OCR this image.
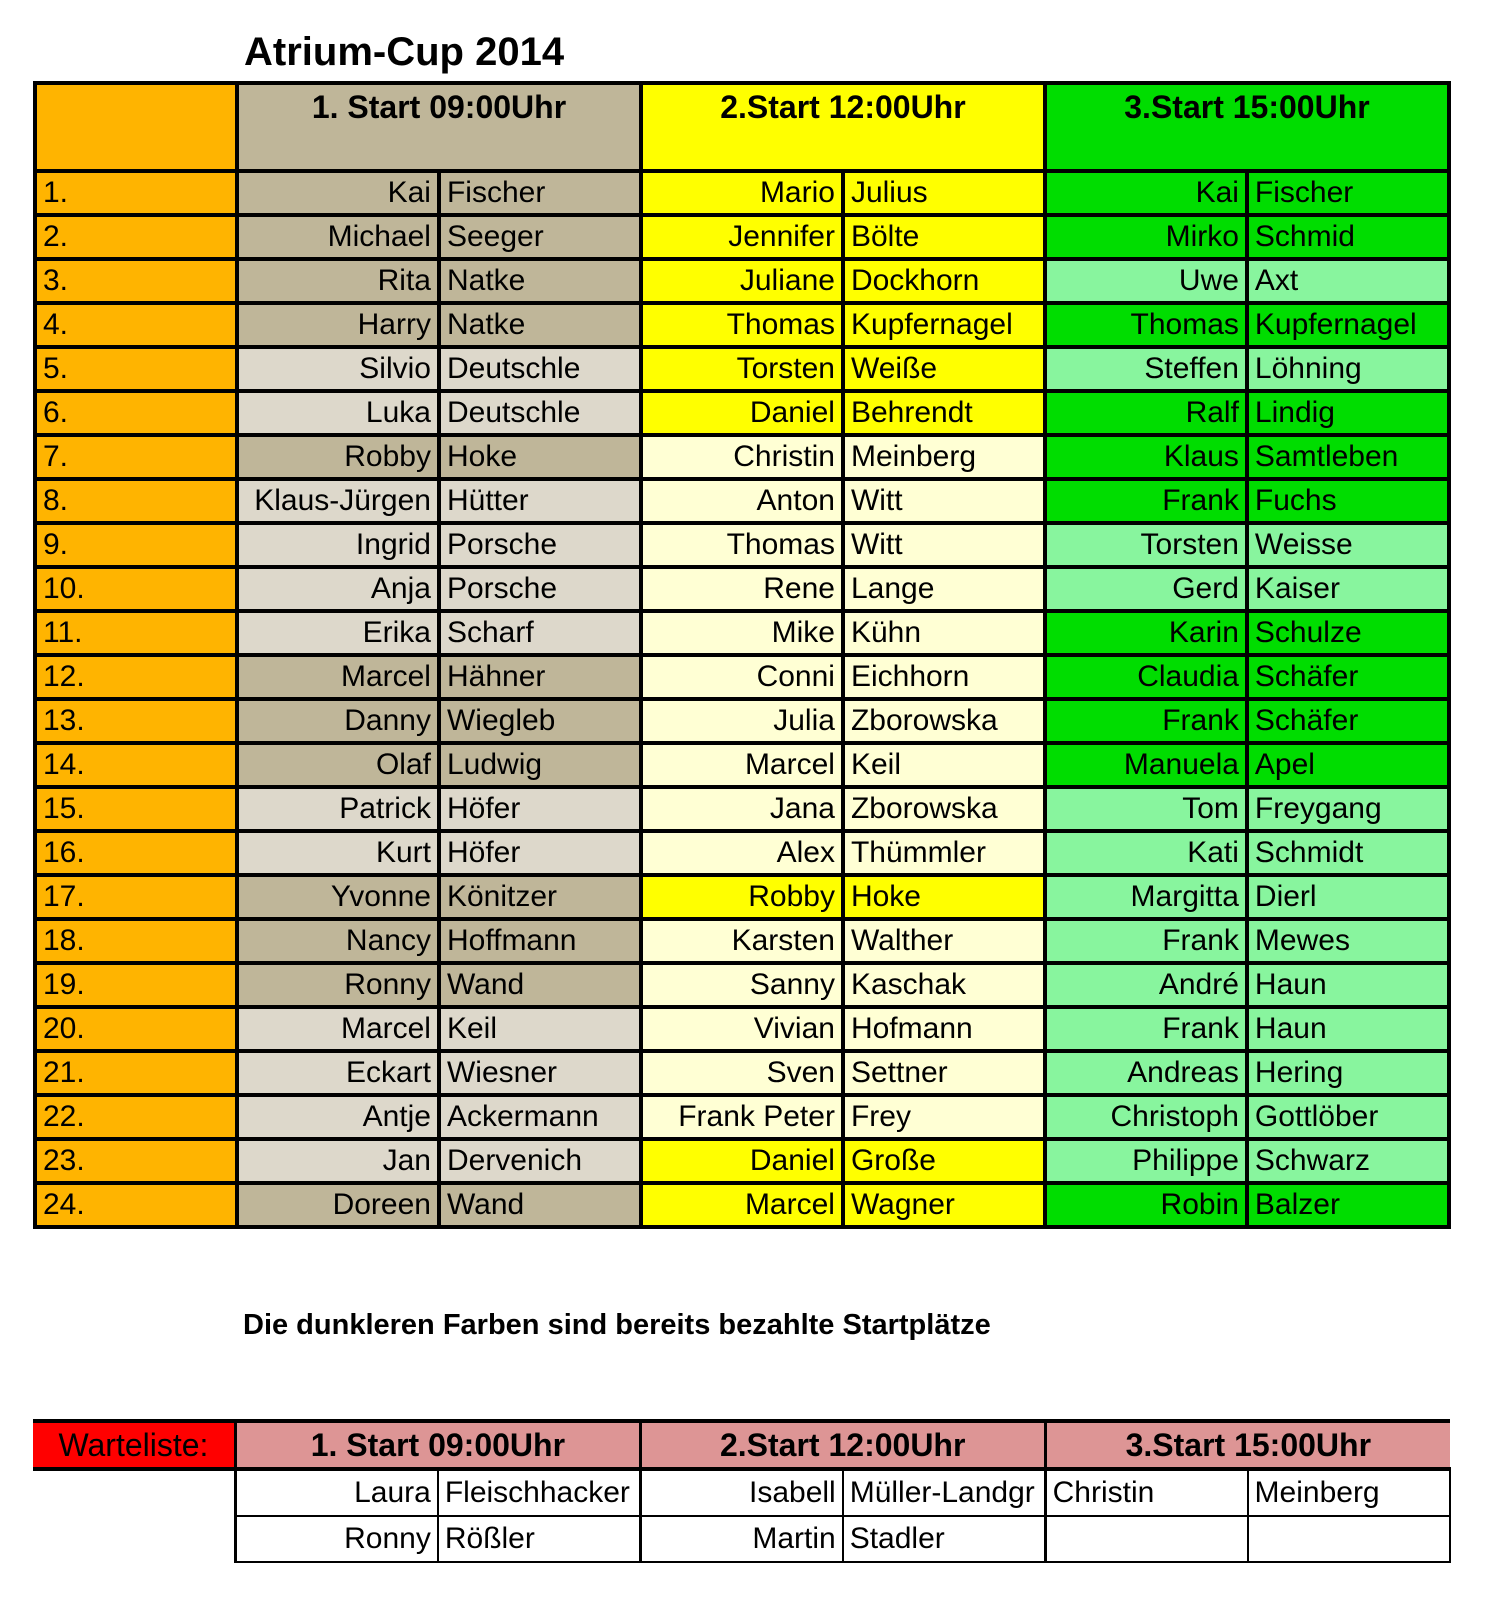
Atrium-Cup 2014
	1. Start 09:00Uhr		2.Start 12:00Uhr		3.Start 15:00Uhr	
1.	Kai	Fischer	Mario	Julius	Kai	Fischer
2.	Michael	Seeger	Jennifer	Bölte	Mirko	Schmid
3.	Rita	Natke	Juliane	Dockhorn	Uwe	Axt
4.	Harry	Natke	Thomas	Kupfernagel	Thomas	Kupfernagel
5.	Silvio	Deutschle	Torsten	Weiße	Steffen	Löhning
6.	Luka	Deutschle	Daniel	Behrendt	Ralf	Lindig
7.	Robby	Hoke	Christin	Meinberg	Klaus	Samtleben
8.	Klaus-Jürgen	Hütter	Anton	Witt	Frank	Fuchs
9.	Ingrid	Porsche	Thomas	Witt	Torsten	Weisse
10.	Anja	Porsche	Rene	Lange	Gerd	Kaiser
11.	Erika	Scharf	Mike	Kühn	Karin	Schulze
12.	Marcel	Hähner	Conni	Eichhorn	Claudia	Schäfer
13.	Danny	Wiegleb	Julia	Zborowska	Frank	Schäfer
14.	Olaf	Ludwig	Marcel	Keil	Manuela	Apel
15.	Patrick	Höfer	Jana	Zborowska	Tom	Freygang
16.	Kurt	Höfer	Alex	Thümmler	Kati	Schmidt
17.	Yvonne	Könitzer	Robby	Hoke	Margitta	Dierl
18.	Nancy	Hoffmann	Karsten	Walther	Frank	Mewes
19.	Ronny	Wand	Sanny	Kaschak	André	Haun
20.	Marcel	Keil	Vivian	Hofmann	Frank	Haun
21.	Eckart	Wiesner	Sven	Settner	Andreas	Hering
22.	Antje	Ackermann	Frank Peter	Frey	Christoph	Gottlöber
23.	Jan	Dervenich	Daniel	Große	Philippe	Schwarz
24.	Doreen	Wand	Marcel	Wagner	Robin	Balzer
Die dunkleren Farben sind bereits bezahlte Startplätze
Warteliste:	1. Start 09:00Uhr		2.Start 12:00Uhr		3.Start 15:00Uhr	
	Laura	Fleischhacker	Isabell	Müller-Landgr	Christin	Meinberg
	Ronny	Rößler	Martin	Stadler		
